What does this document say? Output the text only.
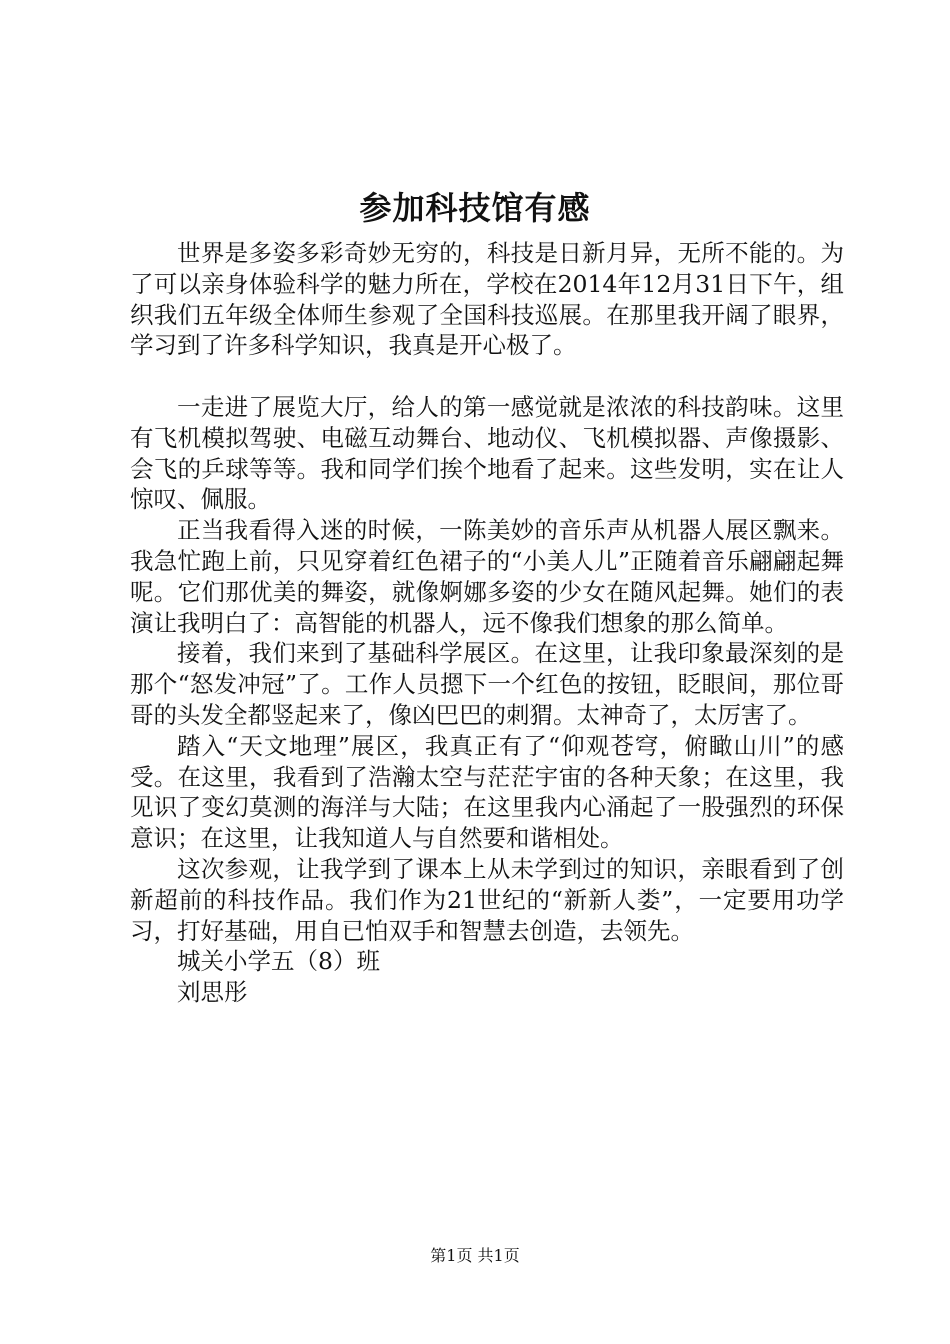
参加科技馆有感

世界是多姿多彩奇妙无穷的，科技是日新月异，无所不能的。为了可以亲身体验科学的魅力所在，学校在2014年12月31日下午，组织我们五年级全体师生参观了全国科技巡展。在那里我开阔了眼界，学习到了许多科学知识，我真是开心极了。

一走进了展览大厅，给人的第一感觉就是浓浓的科技韵味。这里有飞机模拟驾驶、电磁互动舞台、地动仪、飞机模拟器、声像摄影、会飞的乒球等等。我和同学们挨个地看了起来。这些发明，实在让人惊叹、佩服。

正当我看得入迷的时候，一陈美妙的音乐声从机器人展区飘来。我急忙跑上前，只见穿着红色裙子的“小美人儿”正随着音乐翩翩起舞呢。它们那优美的舞姿，就像婀娜多姿的少女在随风起舞。她们的表演让我明白了：高智能的机器人，远不像我们想象的那么简单。

接着，我们来到了基础科学展区。在这里，让我印象最深刻的是那个“怒发冲冠”了。工作人员摁下一个红色的按钮，眨眼间，那位哥哥的头发全都竖起来了，像凶巴巴的刺猬。太神奇了，太厉害了。

踏入“天文地理”展区，我真正有了“仰观苍穹，俯瞰山川”的感受。在这里，我看到了浩瀚太空与茫茫宇宙的各种天象；在这里，我见识了变幻莫测的海洋与大陆；在这里我内心涌起了一股强烈的环保意识；在这里，让我知道人与自然要和谐相处。

这次参观，让我学到了课本上从未学到过的知识，亲眼看到了创新超前的科技作品。我们作为21世纪的“新新人娄”，一定要用功学习，打好基础，用自已怕双手和智慧去创造，去领先。

城关小学五（8）班

刘思彤

第1页 共1页
